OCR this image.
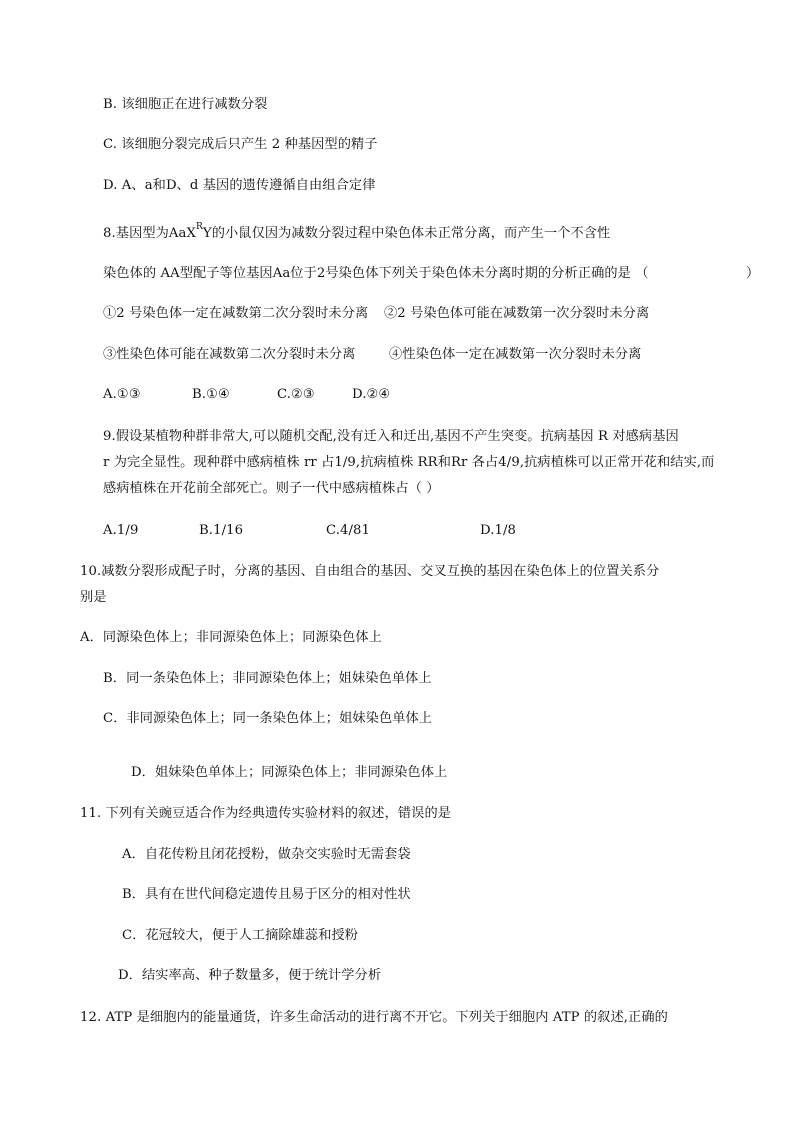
B. 该细胞正在进行减数分裂
C. 该细胞分裂完成后只产生 2 种基因型的精子
D. A、a和D、d 基因的遗传遵循自由组合定律
8.基因型为AaX$^R$Y的小鼠仅因为减数分裂过程中染色体未正常分离，而产生一个不含性
染色体的 AA型配子等位基因Aa位于2号染色体下列关于染色体未分离时期的分析正确的是 （	）
①2 号染色体一定在减数第二次分裂时未分离 ②2 号染色体可能在减数第一次分裂时未分离
③性染色体可能在减数第二次分裂时未分离	④性染色体一定在减数第一次分裂时未分离
A.①③	B.①④	C.②③	D.②④
9.假设某植物种群非常大,可以随机交配,没有迁入和迁出,基因不产生突变。抗病基因 R 对感病基因
r 为完全显性。现种群中感病植株 rr 占1/9,抗病植株 RR和Rr 各占4/9,抗病植株可以正常开花和结实,而
感病植株在开花前全部死亡。则子一代中感病植株占（ ）
A.1/9	B.1/16	C.4/81	D.1/8
10.减数分裂形成配子时，分离的基因、自由组合的基因、交叉互换的基因在染色体上的位置关系分
别是
A．同源染色体上；非同源染色体上；同源染色体上
B．同一条染色体上；非同源染色体上；姐妹染色单体上
C．非同源染色体上；同一条染色体上；姐妹染色单体上
D．姐妹染色单体上；同源染色体上；非同源染色体上
11. 下列有关豌豆适合作为经典遗传实验材料的叙述，错误的是
A．自花传粉且闭花授粉，做杂交实验时无需套袋
B．具有在世代间稳定遗传且易于区分的相对性状
C．花冠较大，便于人工摘除雄蕊和授粉
D．结实率高、种子数量多，便于统计学分析
12. ATP 是细胞内的能量通货，许多生命活动的进行离不开它。下列关于细胞内 ATP 的叙述,正确的
